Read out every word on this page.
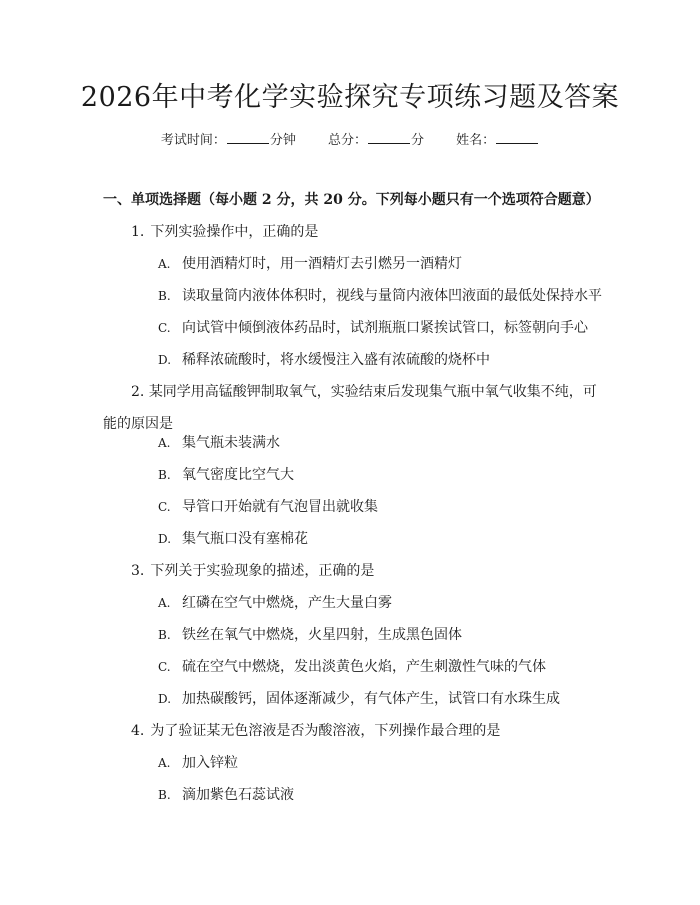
2026年中考化学实验探究专项练习题及答案
考试时间：	分钟 总分：	分 姓名：
一、单项选择题（每小题 2 分，共 20 分。下列每小题只有一个选项符合题意）
1. 下列实验操作中，正确的是
A. 使用酒精灯时，用一酒精灯去引燃另一酒精灯
B. 读取量筒内液体体积时，视线与量筒内液体凹液面的最低处保持水平
C. 向试管中倾倒液体药品时，试剂瓶瓶口紧挨试管口，标签朝向手心
D. 稀释浓硫酸时，将水缓慢注入盛有浓硫酸的烧杯中
2. 某同学用高锰酸钾制取氧气，实验结束后发现集气瓶中氧气收集不纯，可能的原因是
A. 集气瓶未装满水
B. 氧气密度比空气大
C. 导管口开始就有气泡冒出就收集
D. 集气瓶口没有塞棉花
3. 下列关于实验现象的描述，正确的是
A. 红磷在空气中燃烧，产生大量白雾
B. 铁丝在氧气中燃烧，火星四射，生成黑色固体
C. 硫在空气中燃烧，发出淡黄色火焰，产生刺激性气味的气体
D. 加热碳酸钙，固体逐渐减少，有气体产生，试管口有水珠生成
4. 为了验证某无色溶液是否为酸溶液，下列操作最合理的是
A. 加入锌粒
B. 滴加紫色石蕊试液
